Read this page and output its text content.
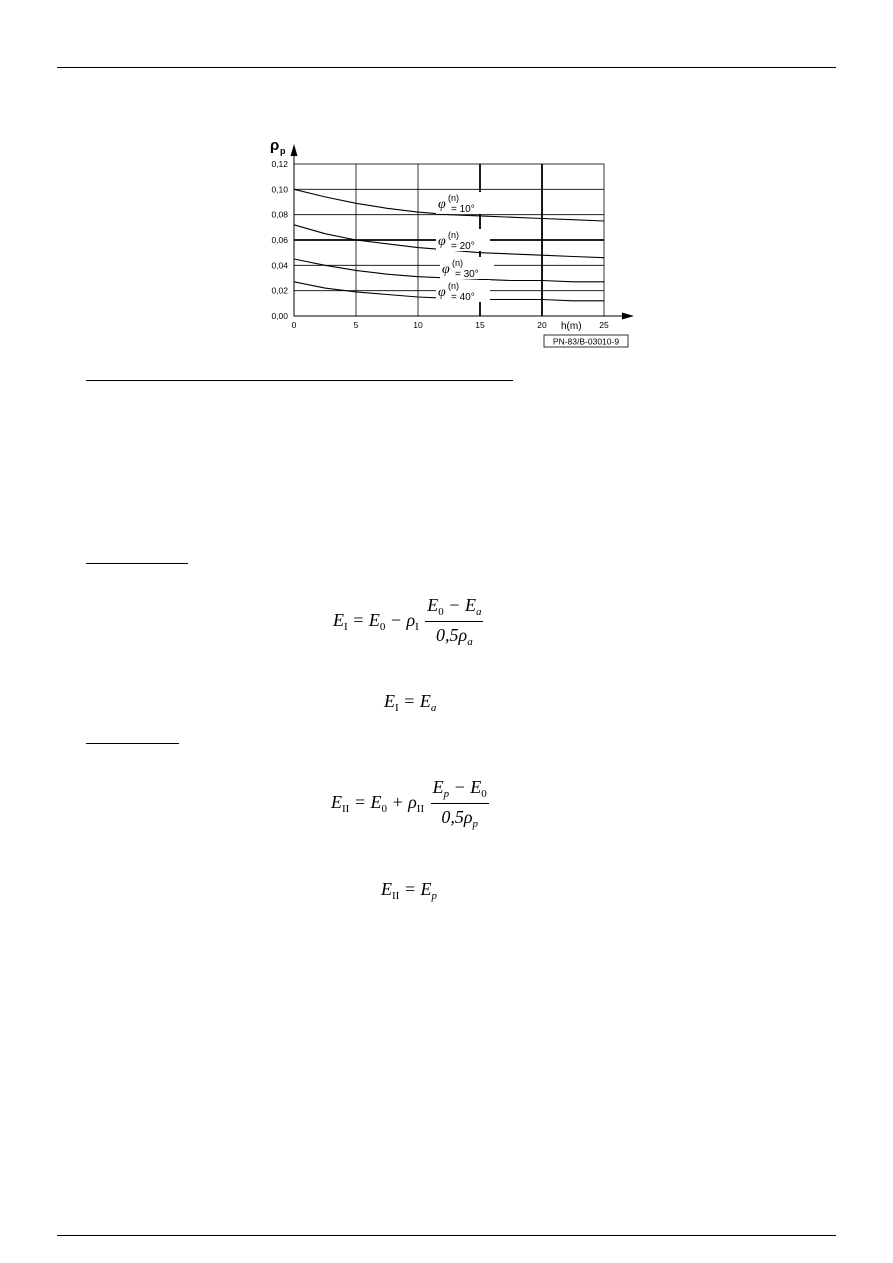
φ (n)
= 10°
φ (n)
= 20°
φ (n)
= 30°
φ (n)
= 40°
0,00
0,02
0,04
0,06
0,08
0,10
0,12
0	5	10	15	20	25
ρ p
h(m)
PN-83/B-03010-9
$E_I = E_0 - \rho_I \frac{E_0 - E_a}{0,5\rho_a}$
$E_I = E_a$
$E_{II} = E_0 + \rho_{II} \frac{E_p - E_0}{0,5\rho_p}$
$E_{II} = E_p$
